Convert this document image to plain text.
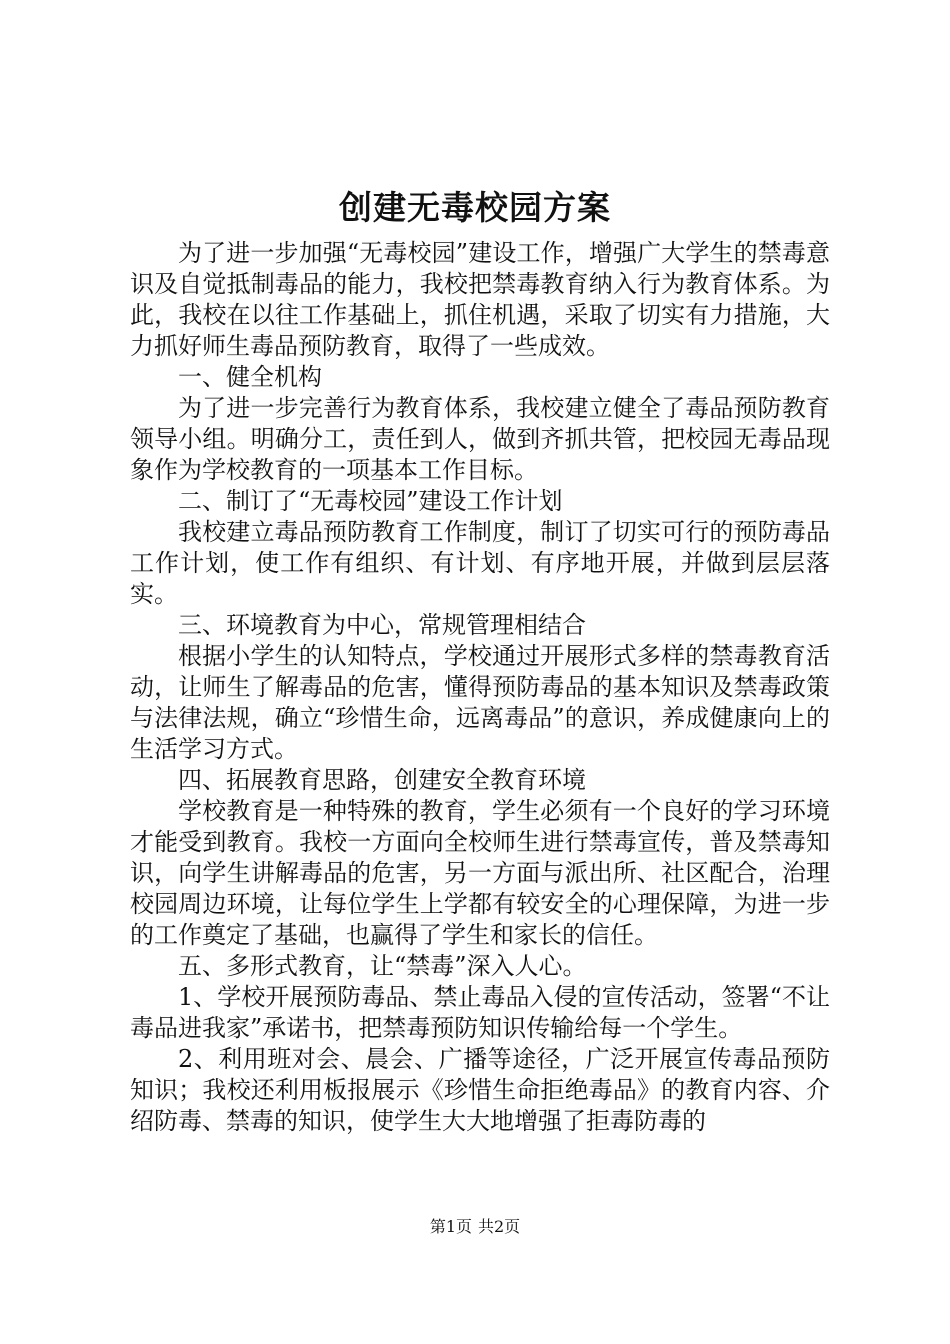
创建无毒校园方案

为了进一步加强“无毒校园”建设工作，增强广大学生的禁毒意识及自觉抵制毒品的能力，我校把禁毒教育纳入行为教育体系。为此，我校在以往工作基础上，抓住机遇，采取了切实有力措施，大力抓好师生毒品预防教育，取得了一些成效。

一、健全机构

为了进一步完善行为教育体系，我校建立健全了毒品预防教育领导小组。明确分工，责任到人，做到齐抓共管，把校园无毒品现象作为学校教育的一项基本工作目标。

二、制订了“无毒校园”建设工作计划

我校建立毒品预防教育工作制度，制订了切实可行的预防毒品工作计划，使工作有组织、有计划、有序地开展，并做到层层落实。

三、环境教育为中心，常规管理相结合

根据小学生的认知特点，学校通过开展形式多样的禁毒教育活动，让师生了解毒品的危害，懂得预防毒品的基本知识及禁毒政策与法律法规，确立“珍惜生命，远离毒品”的意识，养成健康向上的生活学习方式。

四、拓展教育思路，创建安全教育环境

学校教育是一种特殊的教育，学生必须有一个良好的学习环境才能受到教育。我校一方面向全校师生进行禁毒宣传，普及禁毒知识，向学生讲解毒品的危害，另一方面与派出所、社区配合，治理校园周边环境，让每位学生上学都有较安全的心理保障，为进一步的工作奠定了基础，也赢得了学生和家长的信任。

五、多形式教育，让“禁毒”深入人心。

1、学校开展预防毒品、禁止毒品入侵的宣传活动，签署“不让毒品进我家”承诺书，把禁毒预防知识传输给每一个学生。

2、利用班对会、晨会、广播等途径，广泛开展宣传毒品预防知识；我校还利用板报展示《珍惜生命拒绝毒品》的教育内容、介绍防毒、禁毒的知识，使学生大大地增强了拒毒防毒的

第1页 共2页
